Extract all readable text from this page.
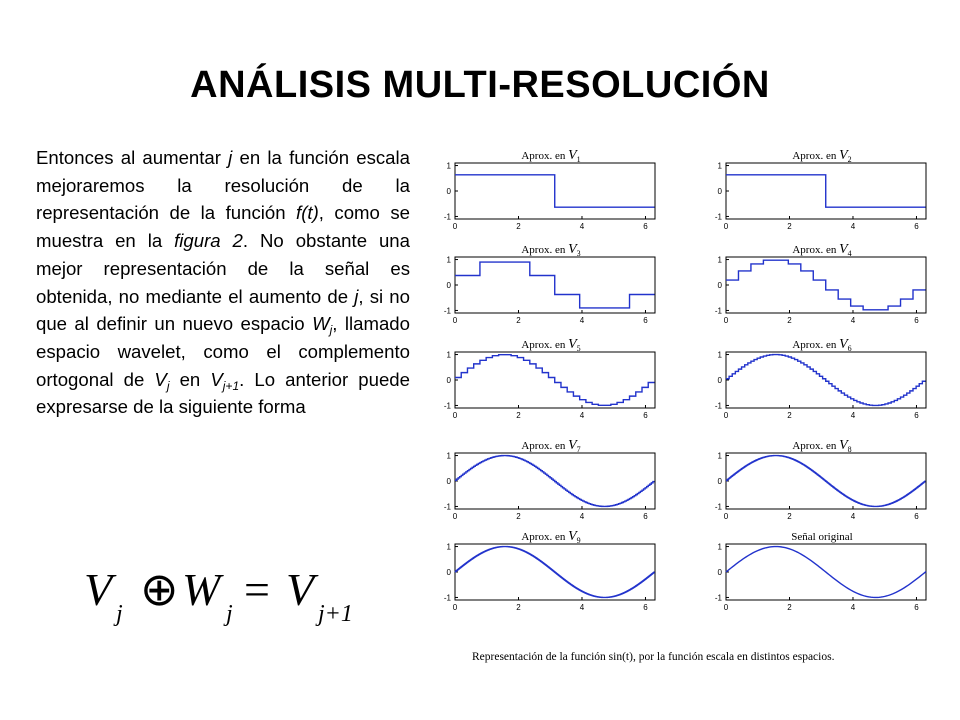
ANÁLISIS MULTI-RESOLUCIÓN
Entonces al aumentar j en la función escala mejoraremos la resolución de la representación de la función f(t), como se muestra en la figura 2. No obstante una mejor representación de la señal es obtenida, no mediante el aumento de j, si no que al definir un nuevo espacio $W_j$, llamado espacio wavelet, como el complemento ortogonal de $V_j$ en $V_{j+1}$. Lo anterior puede expresarse de la siguiente forma
V j ⊕ W j = V j+1
0	2	4	6
1
0
-1
Aprox. en $V_1$
0	2	4	6
1
0
-1
Aprox. en $V_2$
0	2	4	6
1
0
-1
Aprox. en $V_3$
0	2	4	6
1
0
-1
Aprox. en $V_4$
0	2	4	6
1
0
-1
Aprox. en $V_5$
0	2	4	6
1
0
-1
Aprox. en $V_6$
0	2	4	6
1
0
-1
Aprox. en $V_7$
0	2	4	6
1
0
-1
Aprox. en $V_8$
0	2	4	6
1
0
-1
Aprox. en $V_9$
0	2	4	6
1
0
-1
Señal original
Representación de la función sin(t), por la función escala en distintos espacios.
